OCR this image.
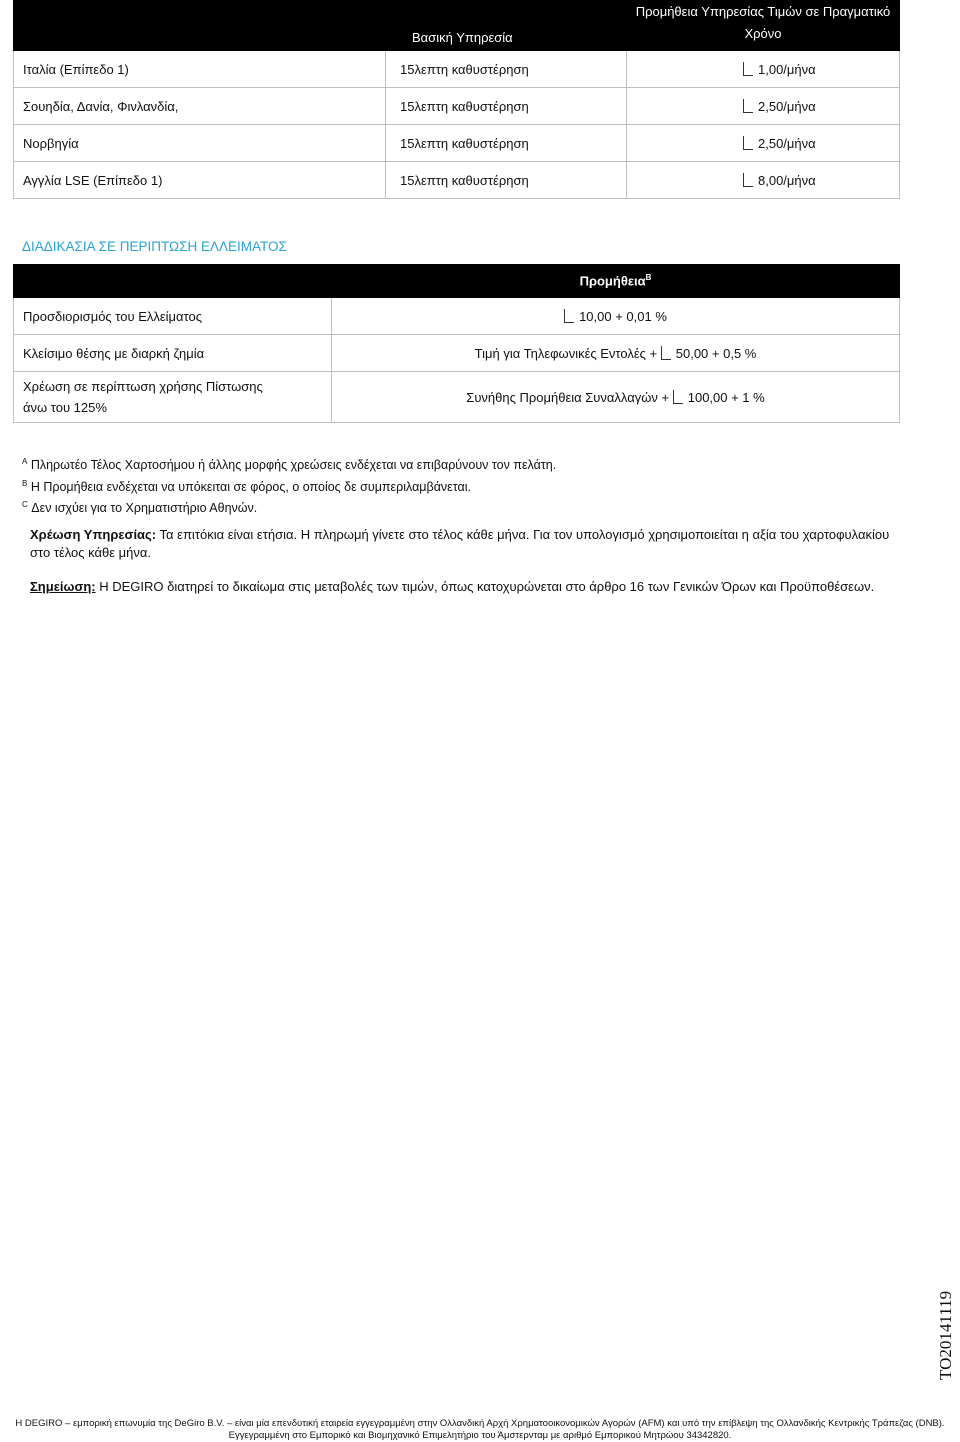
	Βασική Υπηρεσία	Προμήθεια Υπηρεσίας Τιμών σε Πραγματικό Χρόνο
Ιταλία (Επίπεδο 1)	15λεπτη καθυστέρηση	1,00/μήνα
Σουηδία, Δανία, Φινλανδία,	15λεπτη καθυστέρηση	2,50/μήνα
Νορβηγία	15λεπτη καθυστέρηση	2,50/μήνα
Αγγλία LSE (Επίπεδο 1)	15λεπτη καθυστέρηση	8,00/μήνα
ΔΙΑΔΙΚΑΣΙΑ ΣΕ ΠΕΡΙΠΤΩΣΗ ΕΛΛΕΙΜΑΤΟΣ
	Προμήθεια$^B$
Προσδιορισμός του Ελλείματος	10,00 + 0,01 %
Κλείσιμο θέσης με διαρκή ζημία	Τιμή για Τηλεφωνικές Εντολές + 50,00 + 0,5 %
Χρέωση σε περίπτωση χρήσης Πίστωσης άνω του 125%	Συνήθης Προμήθεια Συναλλαγών + 100,00 + 1 %
$^A$ Πληρωτέο Τέλος Χαρτοσήμου ή άλλης μορφής χρεώσεις ενδέχεται να επιβαρύνουν τον πελάτη.
$^B$ Η Προμήθεια ενδέχεται να υπόκειται σε φόρος, ο οποίος δε συμπεριλαμβάνεται.
$^C$ Δεν ισχύει για το Χρηματιστήριο Αθηνών.
Χρέωση Υπηρεσίας: Τα επιτόκια είναι ετήσια. Η πληρωμή γίνετε στο τέλος κάθε μήνα. Για τον υπολογισμό χρησιμοποιείται η αξία του χαρτοφυλακίου στο τέλος κάθε μήνα.
Σημείωση: Η DEGIRO διατηρεί το δικαίωμα στις μεταβολές των τιμών, όπως κατοχυρώνεται στο άρθρο 16 των Γενικών Όρων και Προϋποθέσεων.
TO20141119
Η DEGIRO – εμπορική επωνυμία της DeGiro B.V. – είναι μία επενδυτική εταιρεία εγγεγραμμένη στην Ολλανδική Αρχή Χρηματοοικονομικών Αγορών (AFM) και υπό την επίβλεψη της Ολλανδικής Κεντρικής Τράπεζας (DNB).
Εγγεγραμμένη στο Εμπορικό και Βιομηχανικό Επιμελητήριο του Άμστερνταμ με αριθμό Εμπορικού Μητρώου 34342820.
